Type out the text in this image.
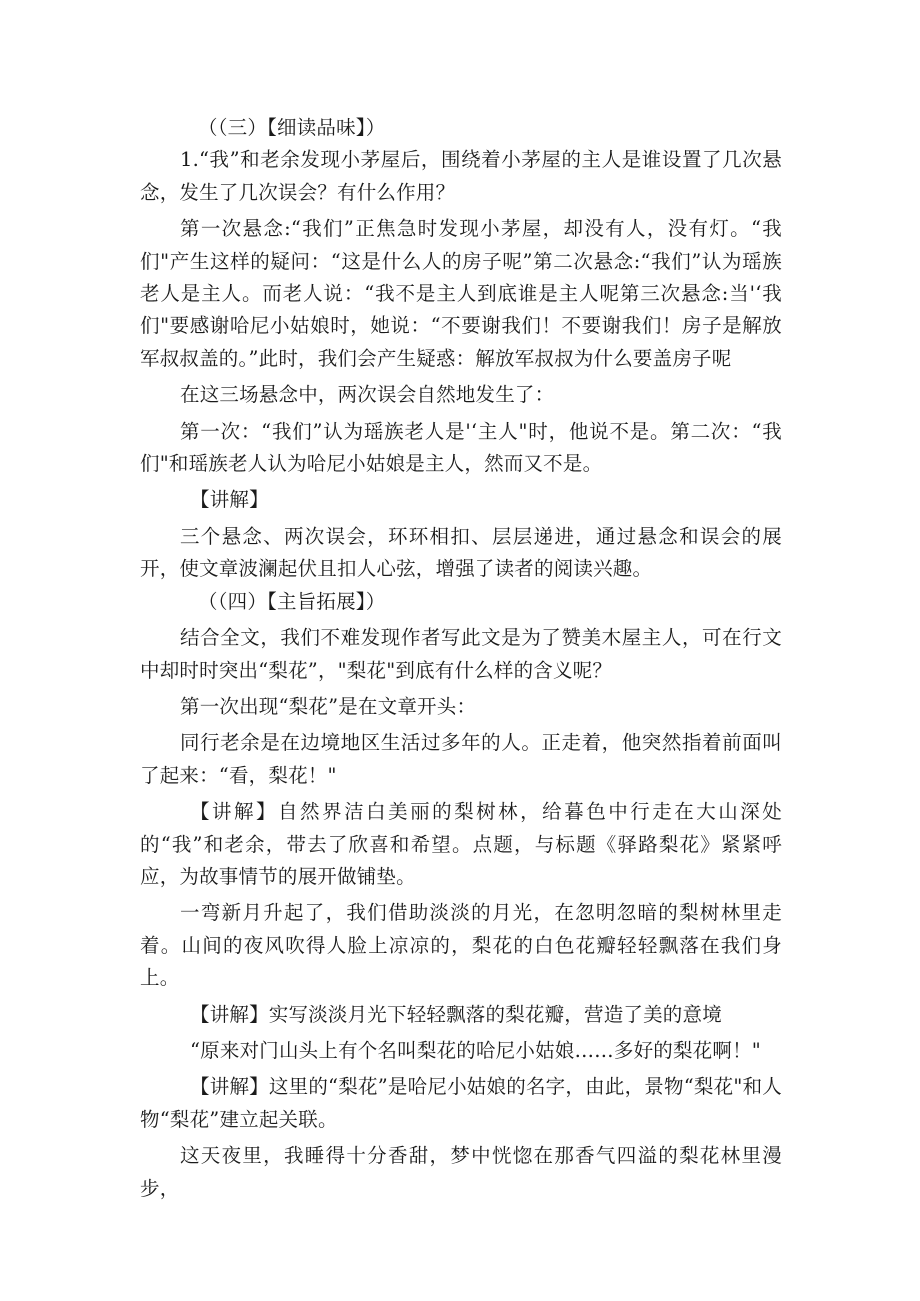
（（三）【细读品味】）

1.“我”和老余发现小茅屋后，围绕着小茅屋的主人是谁设置了几次悬念，发生了几次误会？有什么作用？

第一次悬念:“我们”正焦急时发现小茅屋，却没有人，没有灯。“我们"产生这样的疑问：“这是什么人的房子呢”第二次悬念:“我们”认为瑶族老人是主人。而老人说：“我不是主人到底谁是主人呢第三次悬念:当'‘我们"要感谢哈尼小姑娘时，她说：“不要谢我们！不要谢我们！房子是解放军叔叔盖的。”此时，我们会产生疑惑：解放军叔叔为什么要盖房子呢

在这三场悬念中，两次误会自然地发生了：

第一次：“我们”认为瑶族老人是'‘主人"时，他说不是。第二次：“我们"和瑶族老人认为哈尼小姑娘是主人，然而又不是。

【讲解】

三个悬念、两次误会，环环相扣、层层递进，通过悬念和误会的展开，使文章波澜起伏且扣人心弦，增强了读者的阅读兴趣。

（（四）【主旨拓展】）

结合全文，我们不难发现作者写此文是为了赞美木屋主人，可在行文中却时时突出“梨花”，"梨花"到底有什么样的含义呢？

第一次出现“梨花”是在文章开头：

同行老余是在边境地区生活过多年的人。正走着，他突然指着前面叫了起来：“看，梨花！"

【讲解】自然界洁白美丽的梨树林，给暮色中行走在大山深处的“我”和老余，带去了欣喜和希望。点题，与标题《驿路梨花》紧紧呼应，为故事情节的展开做铺垫。

一弯新月升起了，我们借助淡淡的月光，在忽明忽暗的梨树林里走着。山间的夜风吹得人脸上凉凉的，梨花的白色花瓣轻轻飘落在我们身上。

【讲解】实写淡淡月光下轻轻飘落的梨花瓣，营造了美的意境

“原来对门山头上有个名叫梨花的哈尼小姑娘……多好的梨花啊！"

【讲解】这里的“梨花”是哈尼小姑娘的名字，由此，景物“梨花"和人物“梨花”建立起关联。

这天夜里，我睡得十分香甜，梦中恍惚在那香气四溢的梨花林里漫步，
